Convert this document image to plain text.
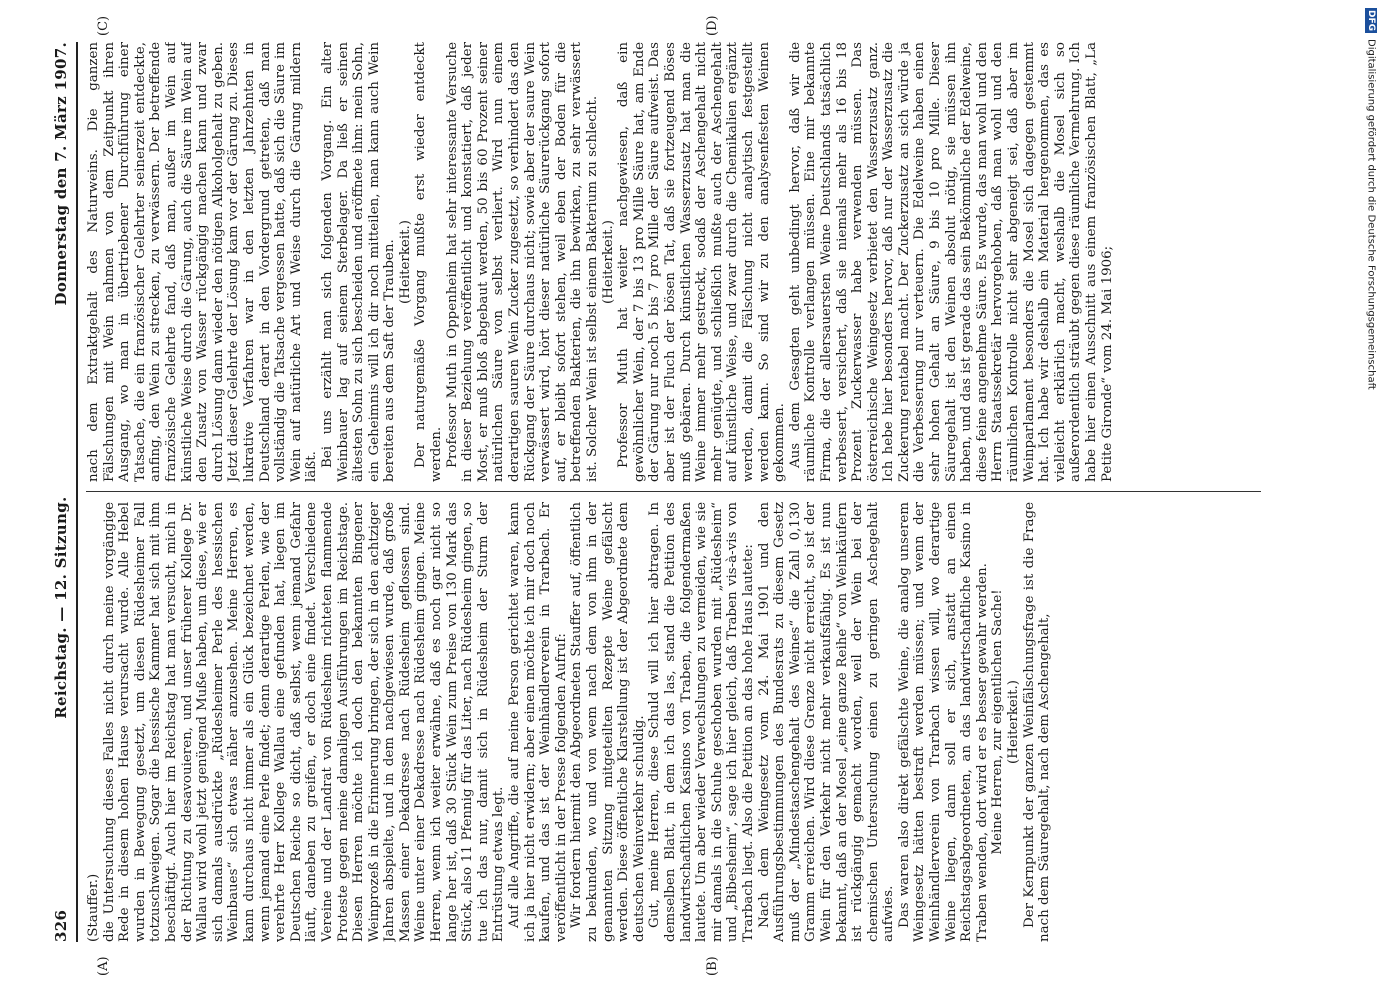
326
Reichstag. — 12. Sitzung.
Donnerstag den 7. März 1907.
(A)	(B)
(C)	(D)

(Stauffer.) die Untersuchung dieses Falles nicht durch meine vorgängige Rede in diesem hohen Hause verursacht wurde. Alle Hebel wurden in Bewegung gesetzt, um diesen Rüdesheimer Fall totzuschweigen. Sogar die hessische Kammer hat sich mit ihm beschäftigt. Auch hier im Reichstag hat man versucht, mich in der Richtung zu desavouieren, und unser früherer Kollege Dr. Wallau wird wohl jetzt genügend Muße haben, um diese, wie er sich damals ausdrückte „Rüdesheimer Perle des hessischen Weinbaues“ sich etwas näher anzusehen. Meine Herren, es kann durchaus nicht immer als ein Glück bezeichnet werden, wenn jemand eine Perle findet; denn derartige Perlen, wie der verehrte Herr Kollege Wallau eine gefunden hat, liegen im Deutschen Reiche so dicht, daß selbst, wenn jemand Gefahr läuft, daneben zu greifen, er doch eine findet. Verschiedene Vereine und der Landrat von Rüdesheim richteten flammende Proteste gegen meine damaligen Ausführungen im Reichstage. Diesen Herren möchte ich doch den bekannten Bingener Weinprozeß in die Erinnerung bringen, der sich in den achtziger Jahren abspielte, und in dem nachgewiesen wurde, daß große Massen einer Dekadresse nach Rüdesheim geflossen sind. Weine unter einer Dekadresse nach Rüdesheim gingen. Meine Herren, wenn ich weiter erwähne, daß es noch gar nicht so lange her ist, daß 30 Stück Wein zum Preise von 130 Mark das Stück, also 11 Pfennig für das Liter, nach Rüdesheim gingen, so tue ich das nur, damit sich in Rüdesheim der Sturm der Entrüstung etwas legt. Auf alle Angriffe, die auf meine Person gerichtet waren, kann ich ja hier nicht erwidern; aber einen möchte ich mir doch noch kaufen, und das ist der Weinhändlerverein in Trarbach. Er veröffentlicht in der Presse folgenden Aufruf: Wir fordern hiermit den Abgeordneten Stauffer auf, öffentlich zu bekunden, wo und von wem nach dem von ihm in der genannten Sitzung mitgeteilten Rezepte Weine gefälscht werden. Diese öffentliche Klarstellung ist der Abgeordnete dem deutschen Weinverkehr schuldig. Gut, meine Herren, diese Schuld will ich hier abtragen. In demselben Blatt, in dem ich das las, stand die Petition des landwirtschaftlichen Kasinos von Traben, die folgendermaßen lautete. Um aber wieder Verwechslungen zu vermeiden, wie sie mir damals in die Schuhe geschoben wurden mit „Rüdesheim“ und „Bibesheim“, sage ich hier gleich, daß Traben vis-à-vis von Trarbach liegt. Also die Petition an das hohe Haus lautete: Nach dem Weingesetz vom 24. Mai 1901 und den Ausführungsbestimmungen des Bundesrats zu diesem Gesetz muß der „Mindestaschengehalt des Weines“ die Zahl 0,130 Gramm erreichen. Wird diese Grenze nicht erreicht, so ist der Wein für den Verkehr nicht mehr verkaufsfähig. Es ist nun bekannt, daß an der Mosel „eine ganze Reihe“ von Weinkäufern ist rückgängig gemacht worden, weil der Wein bei der chemischen Untersuchung einen zu geringen Aschegehalt aufwies. Das waren also direkt gefälschte Weine, die analog unserem Weingesetz hätten bestraft werden müssen; und wenn der Weinhändlerverein von Trarbach wissen will, wo derartige Weine liegen, dann soll er sich, anstatt an einen Reichstagsabgeordneten, an das landwirtschaftliche Kasino in Traben wenden, dort wird er es besser gewahr werden. Meine Herren, zur eigentlichen Sache! (Heiterkeit.) Der Kernpunkt der ganzen Weinfälschungsfrage ist die Frage nach dem Säuregehalt, nach dem Aschengehalt,

nach dem Extraktgehalt des Naturweins. Die ganzen Fälschungen mit Wein nahmen von dem Zeitpunkt ihren Ausgang, wo man in übertriebener Durchführung einer Tatsache, die ein französischer Gelehrter seinerzeit entdeckte, anfing, den Wein zu strecken, zu verwässern. Der betreffende französische Gelehrte fand, daß man, außer im Wein auf künstliche Weise durch die Gärung, auch die Säure im Wein auf den Zusatz von Wasser rückgängig machen kann und zwar durch Lösung dann wieder den nötigen Alkoholgehalt zu geben. Jetzt dieser Gelehrte der Lösung kam vor der Gärung zu. Dieses lukrative Verfahren war in den letzten Jahrzehnten in Deutschland derart in den Vordergrund getreten, daß man vollständig die Tatsache vergessen hatte, daß sich die Säure im Wein auf natürliche Art und Weise durch die Gärung mildern läßt. Bei uns erzählt man sich folgenden Vorgang. Ein alter Weinbauer lag auf seinem Sterbelager. Da ließ er seinen ältesten Sohn zu sich bescheiden und eröffnete ihm: mein Sohn, ein Geheimnis will ich dir noch mitteilen, man kann auch Wein bereiten aus dem Saft der Trauben. (Heiterkeit.) Der naturgemäße Vorgang mußte erst wieder entdeckt werden. Professor Muth in Oppenheim hat sehr interessante Versuche in dieser Beziehung veröffentlicht und konstatiert, daß jeder Most, er muß bloß abgebaut werden, 50 bis 60 Prozent seiner natürlichen Säure von selbst verliert. Wird nun einem derartigen sauren Wein Zucker zugesetzt, so verhindert das den Rückgang der Säure durchaus nicht; sowie aber der saure Wein verwässert wird, hört dieser natürliche Säurerückgang sofort auf, er bleibt sofort stehen, weil eben der Boden für die betreffenden Bakterien, die ihn bewirken, zu sehr verwässert ist. Solcher Wein ist selbst einem Bakterium zu schlecht. (Heiterkeit.) Professor Muth hat weiter nachgewiesen, daß ein gewöhnlicher Wein, der 7 bis 13 pro Mille Säure hat, am Ende der Gärung nur noch 5 bis 7 pro Mille der Säure aufweist. Das aber ist der Fluch der bösen Tat, daß sie fortzeugend Böses muß gebären. Durch künstlichen Wasserzusatz hat man die Weine immer mehr gestreckt, sodaß der Aschengehalt nicht mehr genügte, und schließlich mußte auch der Aschengehalt auf künstliche Weise, und zwar durch die Chemikalien ergänzt werden, damit die Fälschung nicht analytisch festgestellt werden kann. So sind wir zu den analysenfesten Weinen gekommen. Aus dem Gesagten geht unbedingt hervor, daß wir die räumliche Kontrolle verlangen müssen. Eine mir bekannte Firma, die der allersauersten Weine Deutschlands tatsächlich verbessert, versichert, daß sie niemals mehr als 16 bis 18 Prozent Zuckerwasser habe verwenden müssen. Das österreichische Weingesetz verbietet den Wasserzusatz ganz. Ich hebe hier besonders hervor, daß nur der Wasserzusatz die Zuckerung rentabel macht. Der Zuckerzusatz an sich würde ja die Verbesserung nur verteuern. Die Edelweine haben einen sehr hohen Gehalt an Säure, 9 bis 10 pro Mille. Dieser Säuregehalt ist den Weinen absolut nötig, sie müssen ihn haben, und das ist gerade das sein Bekömmliche der Edelweine, diese feine angenehme Säure. Es wurde, das man wohl und den Herrn Staatssekretär hervorgehoben, daß man wohl und den räumlichen Kontrolle nicht sehr abgeneigt sei, daß aber im Weinparlament besonders die Mosel sich dagegen gestemmt hat. Ich habe wir deshalb ein Material hergenommen, das es vielleicht erklärlich macht, weshalb die Mosel sich so außerordentlich sträubt gegen diese räumliche Vermehrung. Ich habe hier einen Ausschnitt aus einem französischen Blatt, „La Petite Gironde“ vom 24. Mai 1906;

DFG
Digitalisierung gefördert durch die Deutsche Forschungsgemeinschaft
